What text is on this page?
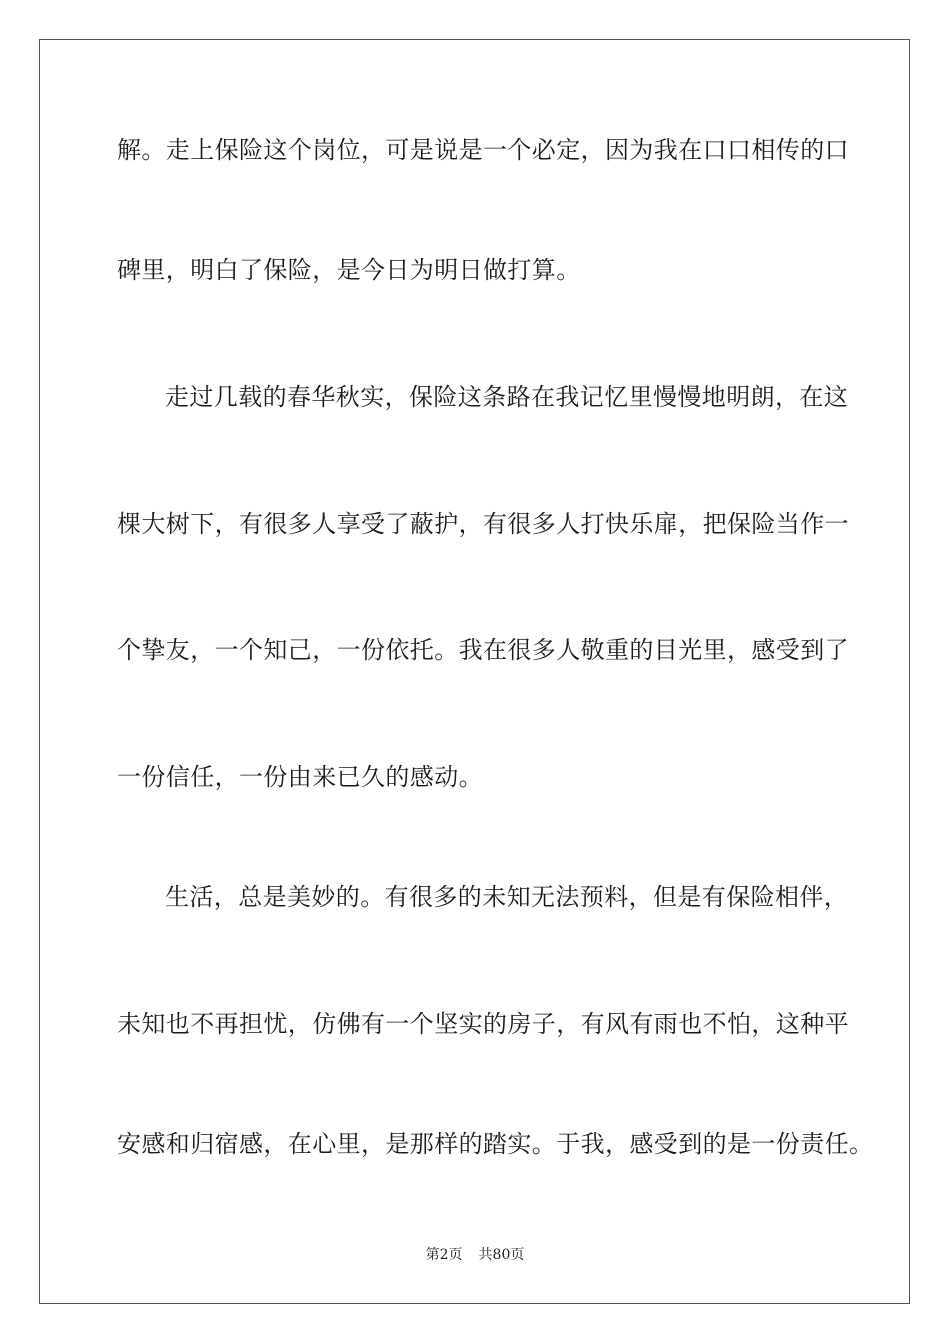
解。走上保险这个岗位，可是说是一个必定，因为我在口口相传的口
碑里，明白了保险，是今日为明日做打算。
走过几载的春华秋实，保险这条路在我记忆里慢慢地明朗，在这
棵大树下，有很多人享受了蔽护，有很多人打快乐扉，把保险当作一
个挚友，一个知己，一份依托。我在很多人敬重的目光里，感受到了
一份信任，一份由来已久的感动。
生活，总是美妙的。有很多的未知无法预料，但是有保险相伴，
未知也不再担忧，仿佛有一个坚实的房子，有风有雨也不怕，这种平
安感和归宿感，在心里，是那样的踏实。于我，感受到的是一份责任。
第2页 共80页
